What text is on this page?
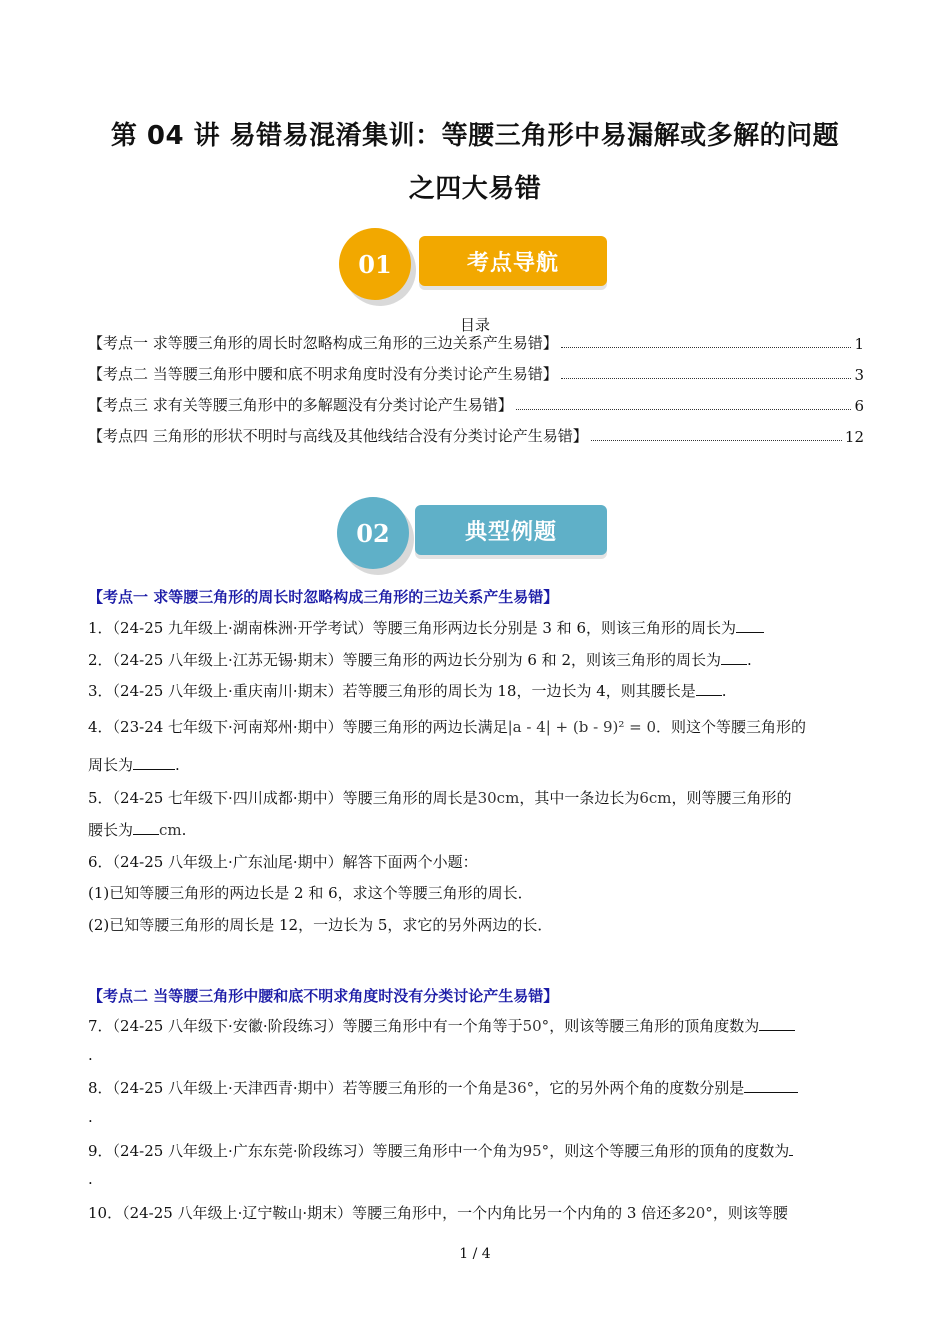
第 04 讲 易错易混淆集训：等腰三角形中易漏解或多解的问题
之四大易错
01	考点导航
目录
【考点一 求等腰三角形的周长时忽略构成三角形的三边关系产生易错】	1
【考点二 当等腰三角形中腰和底不明求角度时没有分类讨论产生易错】	3
【考点三 求有关等腰三角形中的多解题没有分类讨论产生易错】	6
【考点四 三角形的形状不明时与高线及其他线结合没有分类讨论产生易错】	12
02	典型例题
【考点一 求等腰三角形的周长时忽略构成三角形的三边关系产生易错】
1．（24-25 九年级上·湖南株洲·开学考试）等腰三角形两边长分别是 3 和 6，则该三角形的周长为
2．（24-25 八年级上·江苏无锡·期末）等腰三角形的两边长分别为 6 和 2，则该三角形的周长为 .
3．（24-25 八年级上·重庆南川·期末）若等腰三角形的周长为 18，一边长为 4，则其腰长是 .
4．（23-24 七年级下·河南郑州·期中）等腰三角形的两边长满足|a - 4| + (b - 9)² = 0．则这个等腰三角形的
周长为	.
5．（24-25 七年级下·四川成都·期中）等腰三角形的周长是30cm，其中一条边长为6cm，则等腰三角形的
腰长为 cm.
6．（24-25 八年级上·广东汕尾·期中）解答下面两个小题：
(1)已知等腰三角形的两边长是 2 和 6，求这个等腰三角形的周长．
(2)已知等腰三角形的周长是 12，一边长为 5，求它的另外两边的长．
【考点二 当等腰三角形中腰和底不明求角度时没有分类讨论产生易错】
7．（24-25 八年级下·安徽·阶段练习）等腰三角形中有一个角等于50°，则该等腰三角形的顶角度数为
.
8．（24-25 八年级上·天津西青·期中）若等腰三角形的一个角是36°，它的另外两个角的度数分别是
.
9．（24-25 八年级上·广东东莞·阶段练习）等腰三角形中一个角为95°，则这个等腰三角形的顶角的度数为
.
10．（24-25 八年级上·辽宁鞍山·期末）等腰三角形中，一个内角比另一个内角的 3 倍还多20°，则该等腰
1 / 4
